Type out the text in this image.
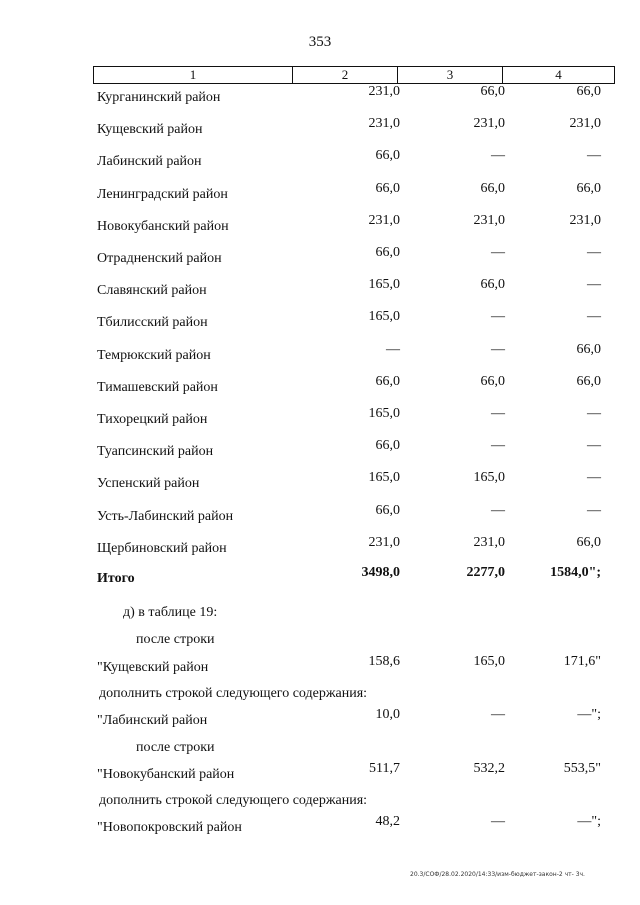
353
1	2	3	4
Курганинский район	231,0	66,0	66,0
Кущевский район	231,0	231,0	231,0
Лабинский район	66,0	—	—
Ленинградский район	66,0	66,0	66,0
Новокубанский район	231,0	231,0	231,0
Отрадненский район	66,0	—	—
Славянский район	165,0	66,0	—
Тбилисский район	165,0	—	—
Темрюкский район	—	—	66,0
Тимашевский район	66,0	66,0	66,0
Тихорецкий район	165,0	—	—
Туапсинский район	66,0	—	—
Успенский район	165,0	165,0	—
Усть-Лабинский район	66,0	—	—
Щербиновский район	231,0	231,0	66,0
Итого	3498,0	2277,0	1584,0";
д) в таблице 19:
после строки
"Кущевский район	158,6	165,0	171,6"
дополнить строкой следующего содержания:
"Лабинский район	10,0	—	—";
после строки
"Новокубанский район	511,7	532,2	553,5"
дополнить строкой следующего содержания:
"Новопокровский район	48,2	—	—";
20.3/СОФ/28.02.2020/14:33/изм-бюджет-закон-2 чт- 3ч.
